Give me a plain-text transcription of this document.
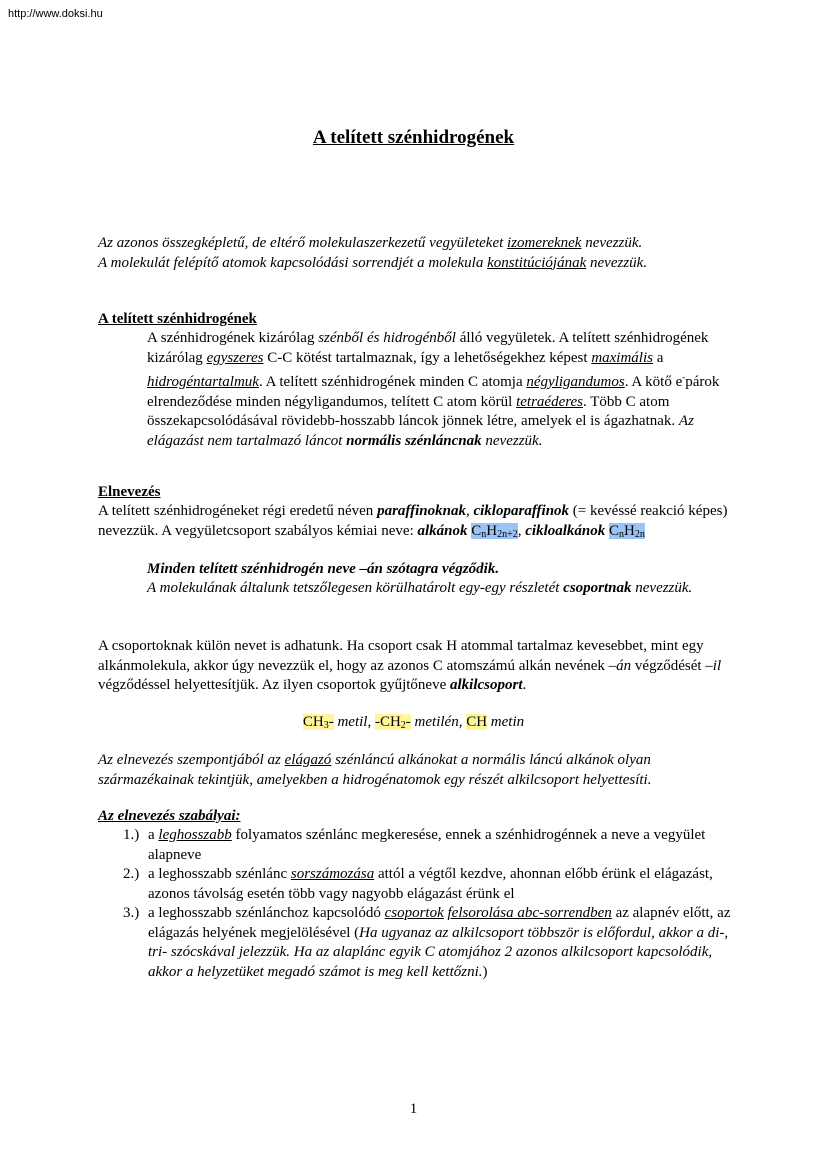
http://www.doksi.hu
A telített szénhidrogének
Az azonos összegképletű, de eltérő molekulaszerkezetű vegyületeket izomereknek nevezzük.
A molekulát felépítő atomok kapcsolódási sorrendjét a molekula konstitúciójának nevezzük.
A telített szénhidrogének
A szénhidrogének kizárólag szénből és hidrogénből álló vegyületek. A telített szénhidrogének kizárólag egyszeres C-C kötést tartalmaznak, így a lehetőségekhez képest maximális a hidrogéntartalmuk. A telített szénhidrogének minden C atomja négyligandumos. A kötő e-párok elrendeződése minden négyligandumos, telített C atom körül tetraéderes. Több C atom összekapcsolódásával rövidebb-hosszabb láncok jönnek létre, amelyek el is ágazhatnak. Az elágazást nem tartalmazó láncot normális szénláncnak nevezzük.
Elnevezés
A telített szénhidrogéneket régi eredetű néven paraffinoknak, cikloparaffinok (= kevéssé reakció képes) nevezzük. A vegyületcsoport szabályos kémiai neve: alkánok $C_nH_{2n+2}$, cikloalkánok $C_nH_{2n}$
Minden telített szénhidrogén neve –án szótagra végződik.
A molekulának általunk tetszőlegesen körülhatárolt egy-egy részletét csoportnak nevezzük.
A csoportoknak külön nevet is adhatunk. Ha csoport csak H atommal tartalmaz kevesebbet, mint egy alkánmolekula, akkor úgy nevezzük el, hogy az azonos C atomszámú alkán nevének –án végződését –il végződéssel helyettesítjük. Az ilyen csoportok gyűjtőneve alkilcsoport.
$CH_3-$ metil, $-CH_2-$ metilén, CH metin
Az elnevezés szempontjából az elágazó szénláncú alkánokat a normális láncú alkánok olyan származékainak tekintjük, amelyekben a hidrogénatomok egy részét alkilcsoport helyettesíti.
Az elnevezés szabályai:
1.) a leghosszabb folyamatos szénlánc megkeresése, ennek a szénhidrogénnek a neve a vegyület alapneve
2.) a leghosszabb szénlánc sorszámozása attól a végtől kezdve, ahonnan előbb érünk el elágazást, azonos távolság esetén több vagy nagyobb elágazást érünk el
3.) a leghosszabb szénlánchoz kapcsolódó csoportok felsorolása abc-sorrendben az alapnév előtt, az elágazás helyének megjelölésével (Ha ugyanaz az alkilcsoport többször is előfordul, akkor a di-, tri- szócskával jelezzük. Ha az alaplánc egyik C atomjához 2 azonos alkilcsoport kapcsolódik, akkor a helyzetüket megadó számot is meg kell kettőzni.)
1
